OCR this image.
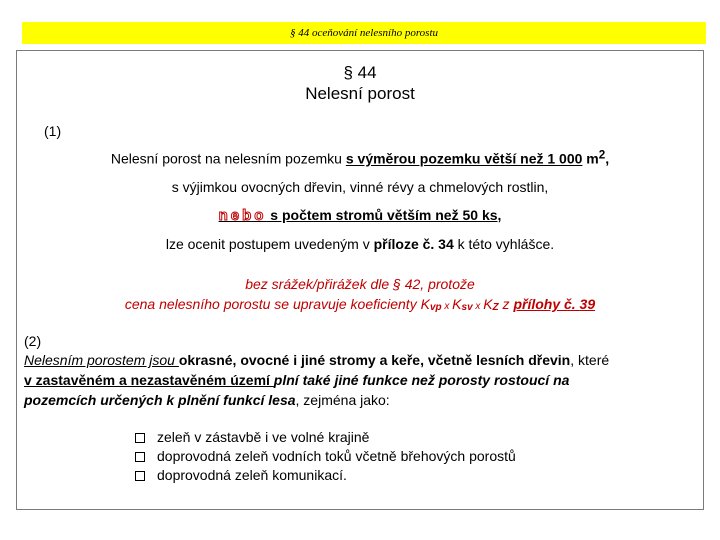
§ 44 oceňování nelesního porostu
§ 44
Nelesní porost
(1)
Nelesní porost na nelesním pozemku s výměrou pozemku větší než 1 000 $m^2$,
s výjimkou ovocných dřevin, vinné révy a chmelových rostlin,
nebo s počtem stromů větším než 50 ks,
lze ocenit postupem uvedeným v příloze č. 34 k této vyhlášce.
bez srážek/přirážek dle § 42, protože
cena nelesního porostu se upravuje koeficienty Kvp x Ksv x KZ z přílohy č. 39
(2)
Nelesním porostem jsou okrasné, ovocné i jiné stromy a keře, včetně lesních dřevin, které
v zastavěném a nezastavěném území plní také jiné funkce než porosty rostoucí na
pozemcích určených k plnění funkcí lesa, zejména jako:
zeleň v zástavbě i ve volné krajině
doprovodná zeleň vodních toků včetně břehových porostů
doprovodná zeleň komunikací.
